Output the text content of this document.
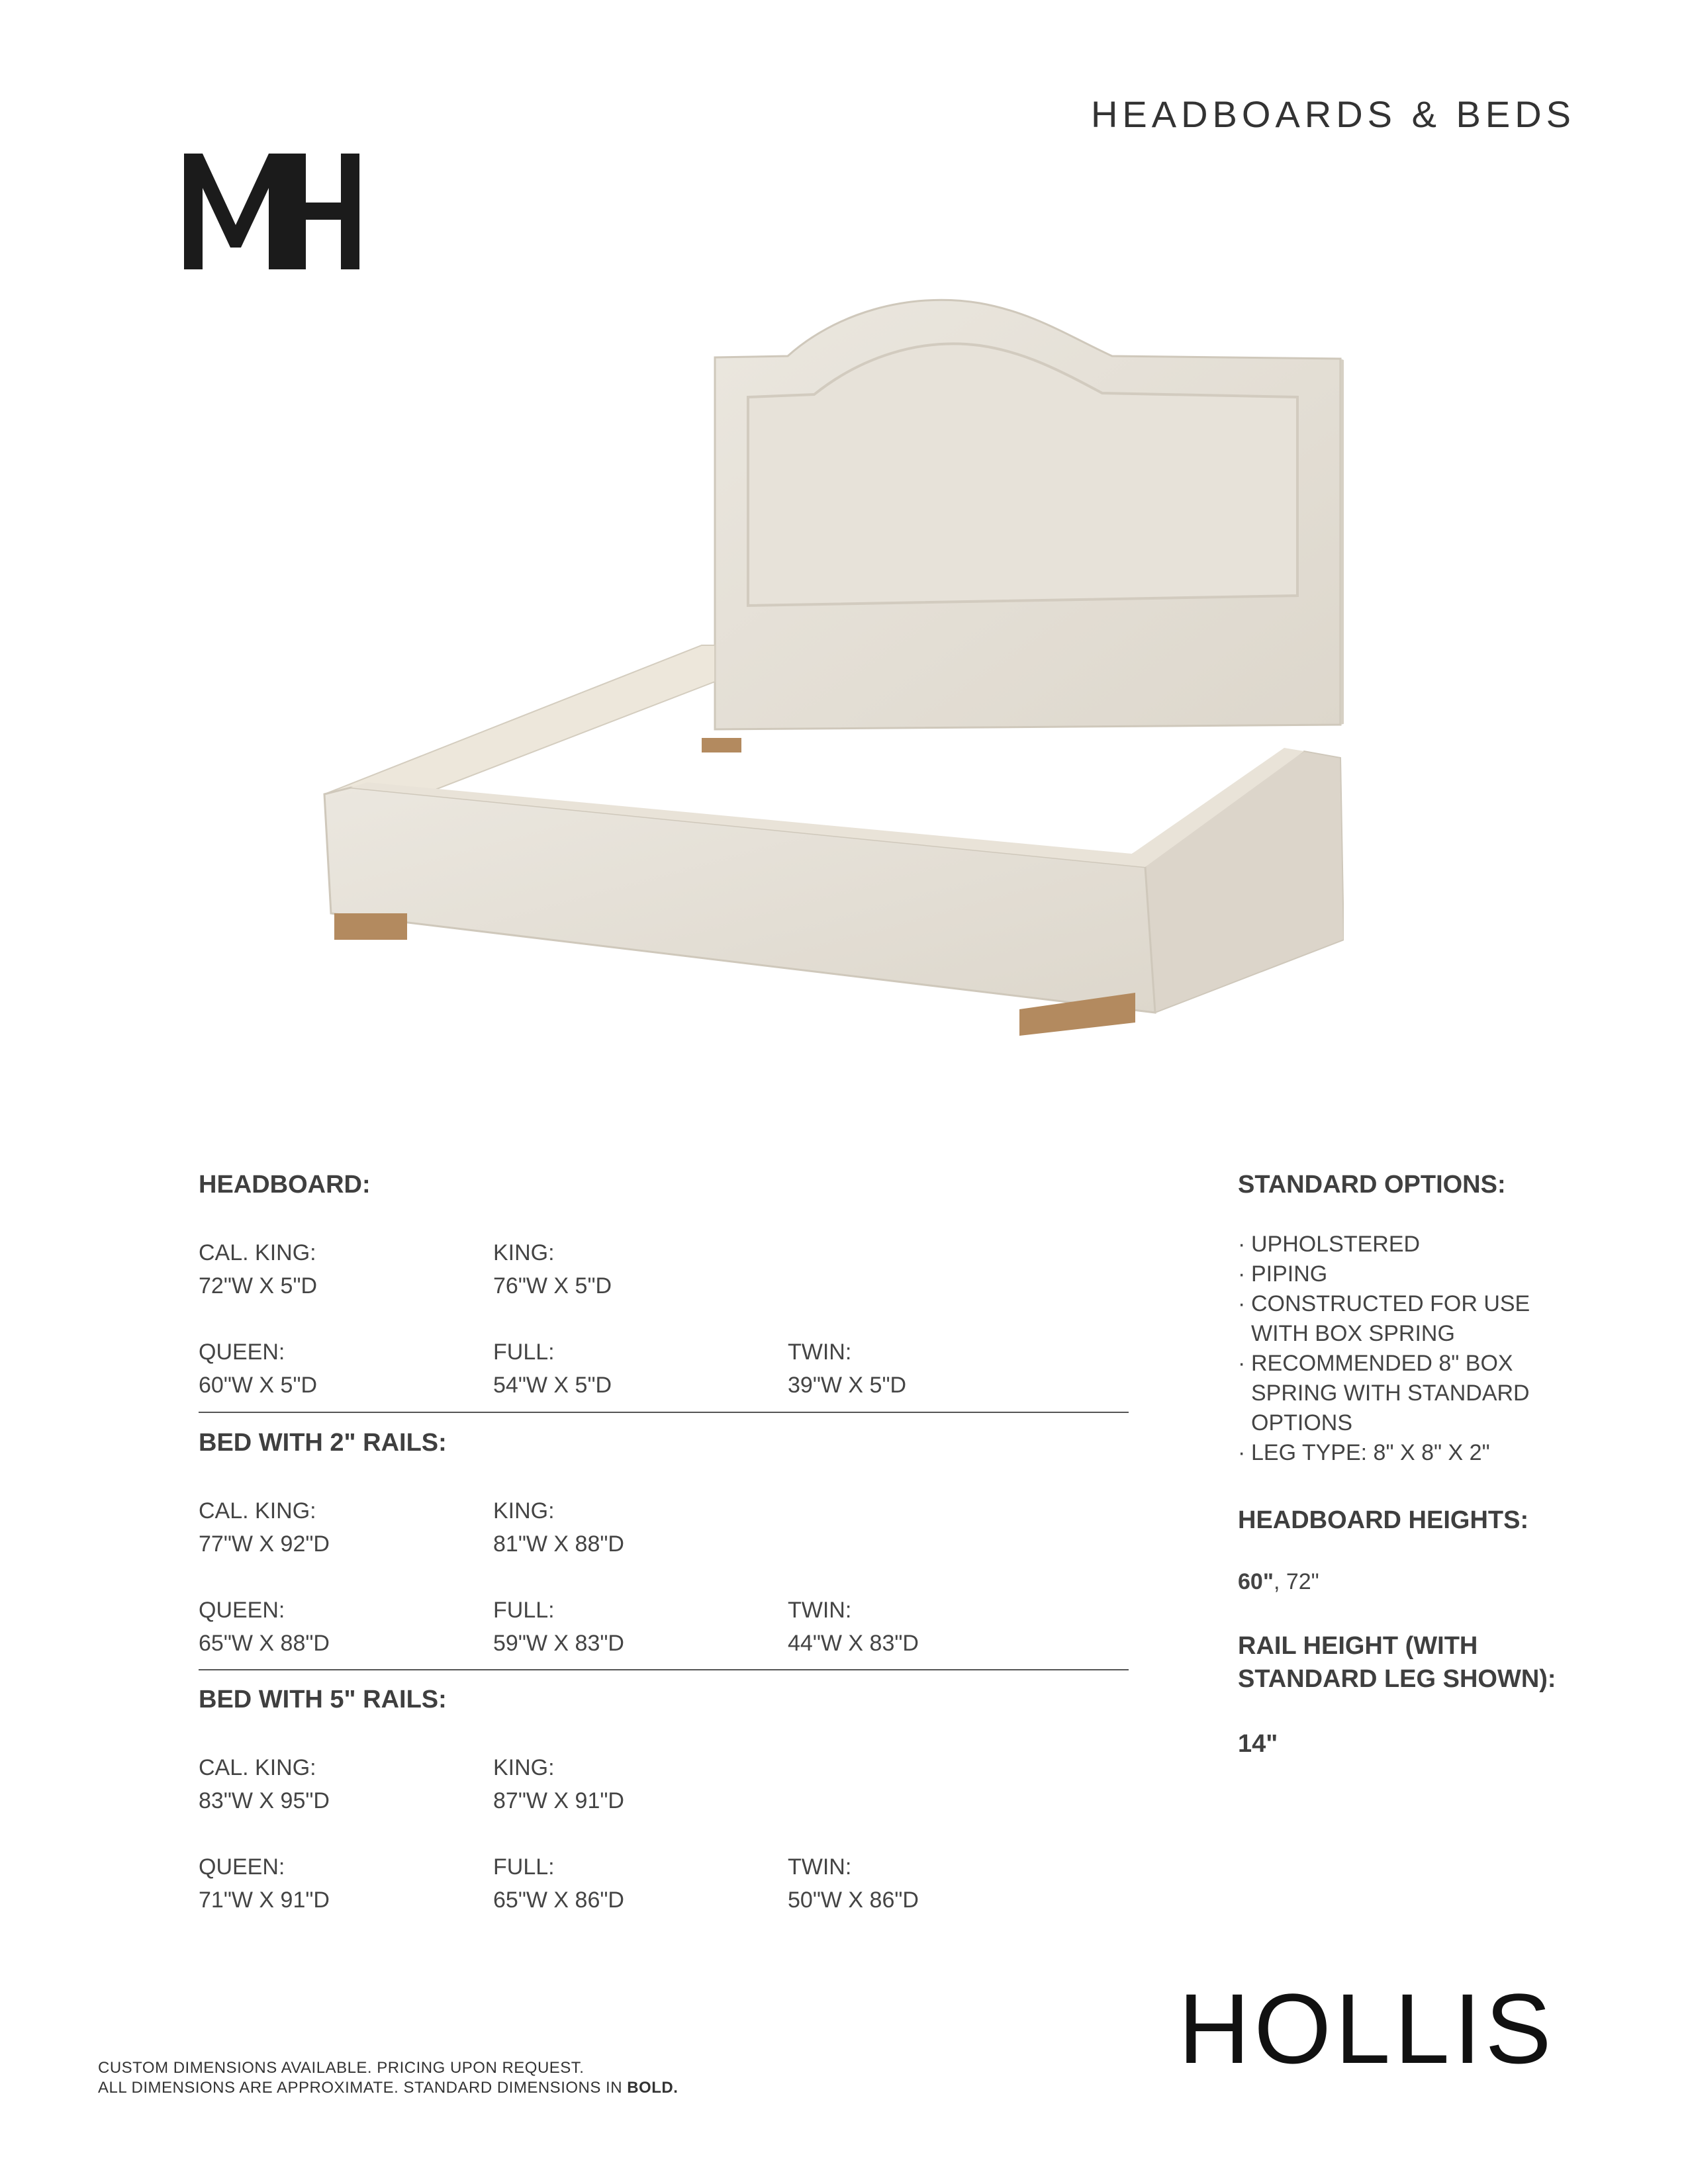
HEADBOARDS & BEDS
HEADBOARD:
CAL. KING:
72"W X 5"D
KING:
76"W X 5"D
QUEEN:
60"W X 5"D
FULL:
54"W X 5"D
TWIN:
39"W X 5"D
BED WITH 2" RAILS:
CAL. KING:
77"W X 92"D
KING:
81"W X 88"D
QUEEN:
65"W X 88"D
FULL:
59"W X 83"D
TWIN:
44"W X 83"D
BED WITH 5" RAILS:
CAL. KING:
83"W X 95"D
KING:
87"W X 91"D
QUEEN:
71"W X 91"D
FULL:
65"W X 86"D
TWIN:
50"W X 86"D
STANDARD OPTIONS:
· UPHOLSTERED
· PIPING
· CONSTRUCTED FOR USE WITH BOX SPRING
· RECOMMENDED 8" BOX SPRING WITH STANDARD OPTIONS
· LEG TYPE: 8" X 8" X 2"
HEADBOARD HEIGHTS:
60", 72"
RAIL HEIGHT (WITH
STANDARD LEG SHOWN):
14"
HOLLIS
CUSTOM DIMENSIONS AVAILABLE. PRICING UPON REQUEST.
ALL DIMENSIONS ARE APPROXIMATE. STANDARD DIMENSIONS IN BOLD.
